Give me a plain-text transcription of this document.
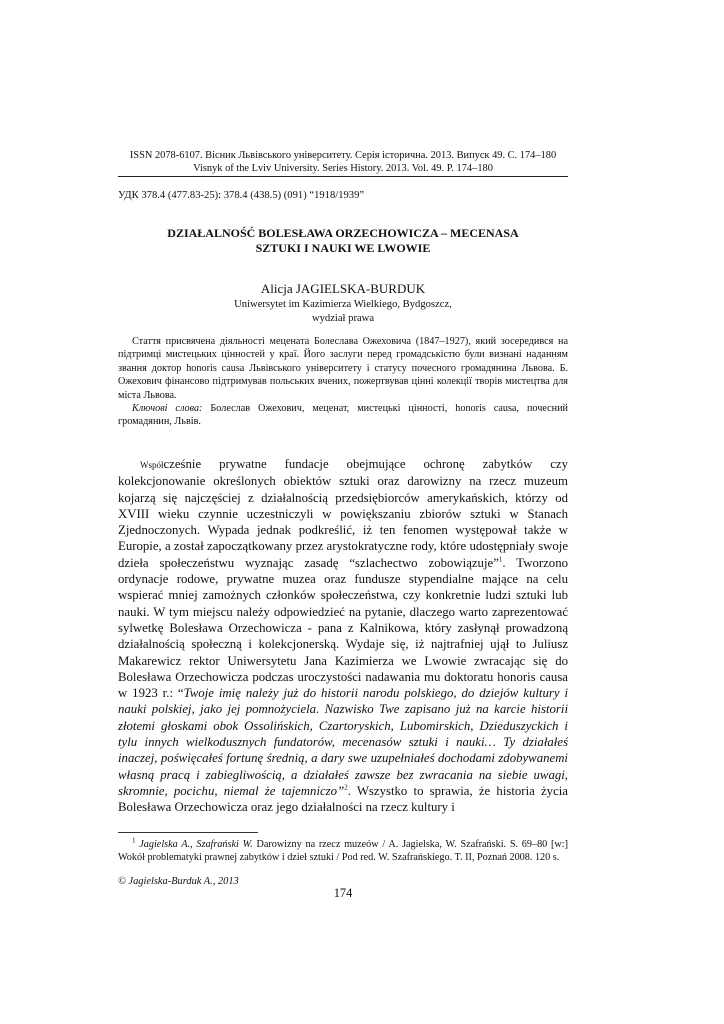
ISSN 2078-6107. Вісник Львівського університету. Серія історична. 2013. Випуск 49. С. 174–180
Visnyk of the Lviv University. Series History. 2013. Vol. 49. P. 174–180
УДК 378.4 (477.83-25): 378.4 (438.5) (091) “1918/1939”
DZIAŁALNOŚĆ BOLESŁAWA ORZECHOWICZA – MECENASA
SZTUKI I NAUKI WE LWOWIE
Alicja JAGIELSKA-BURDUK
Uniwersytet im Kazimierza Wielkiego, Bydgoszcz,
wydział prawa

Стаття присвячена діяльності мецената Болеслава Ожеховича (1847–1927), який зосередився на підтримці мистецьких цінностей у краї. Його заслуги перед громадськістю були визнані наданням звання доктор honoris causa Львівського університету і статусу почесного громадянина Львова. Б. Ожехович фінансово підтримував польських вчених, пожертвував цінні колекції творів мистецтва для міста Львова.

Ключові слова: Болеслав Ожехович, меценат, мистецькі цінності, honoris causa, почесний громадянин, Львів.

Współcześnie prywatne fundacje obejmujące ochronę zabytków czy kolekcjonowanie określonych obiektów sztuki oraz darowizny na rzecz muzeum kojarzą się najczęściej z działalnością przedsiębiorców amerykańskich, którzy od XVIII wieku czynnie uczestniczyli w powiększaniu zbiorów sztuki w Stanach Zjednoczonych. Wypada jednak podkreślić, iż ten fenomen występował także w Europie, a został zapoczątkowany przez arystokratyczne rody, które udostępniały swoje dzieła społeczeństwu wyznając zasadę “szlachectwo zobowiązuje”$^1$. Tworzono ordynacje rodowe, prywatne muzea oraz fundusze stypendialne mające na celu wspierać mniej zamożnych członków społeczeństwa, czy konkretnie ludzi sztuki lub nauki. W tym miejscu należy odpowiedzieć na pytanie, dlaczego warto zaprezentować sylwetkę Bolesława Orzechowicza - pana z Kalnikowa, który zasłynął prowadzoną działalnością społeczną i kolekcjonerską. Wydaje się, iż najtrafniej ujął to Juliusz Makarewicz rektor Uniwersytetu Jana Kazimierza we Lwowie zwracając się do Bolesława Orzechowicza podczas uroczystości nadawania mu doktoratu honoris causa w 1923 r.: “Twoje imię należy już do historii narodu polskiego, do dziejów kultury i nauki polskiej, jako jej pomnożyciela. Nazwisko Twe zapisano już na karcie historii złotemi głoskami obok Ossolińskich, Czartoryskich, Lubomirskich, Dzieduszyckich i tylu innych wielkodusznych fundatorów, mecenasów sztuki i nauki… Ty działałeś inaczej, poświęcałeś fortunę średnią, a dary swe uzupełniałeś dochodami zdobywanemi własną pracą i zabiegliwością, a działałeś zawsze bez zwracania na siebie uwagi, skromnie, pocichu, niemal że tajemniczo”$^2$. Wszystko to sprawia, że historia życia Bolesława Orzechowicza oraz jego działalności na rzecz kultury i

$^1$ Jagielska A., Szafrański W. Darowizny na rzecz muzeów / A. Jagielska, W. Szafrański. S. 69–80 [w:] Wokół problematyki prawnej zabytków i dzieł sztuki / Pod red. W. Szafrańskiego. T. II, Poznań 2008. 120 s.

© Jagielska-Burduk A., 2013
174
